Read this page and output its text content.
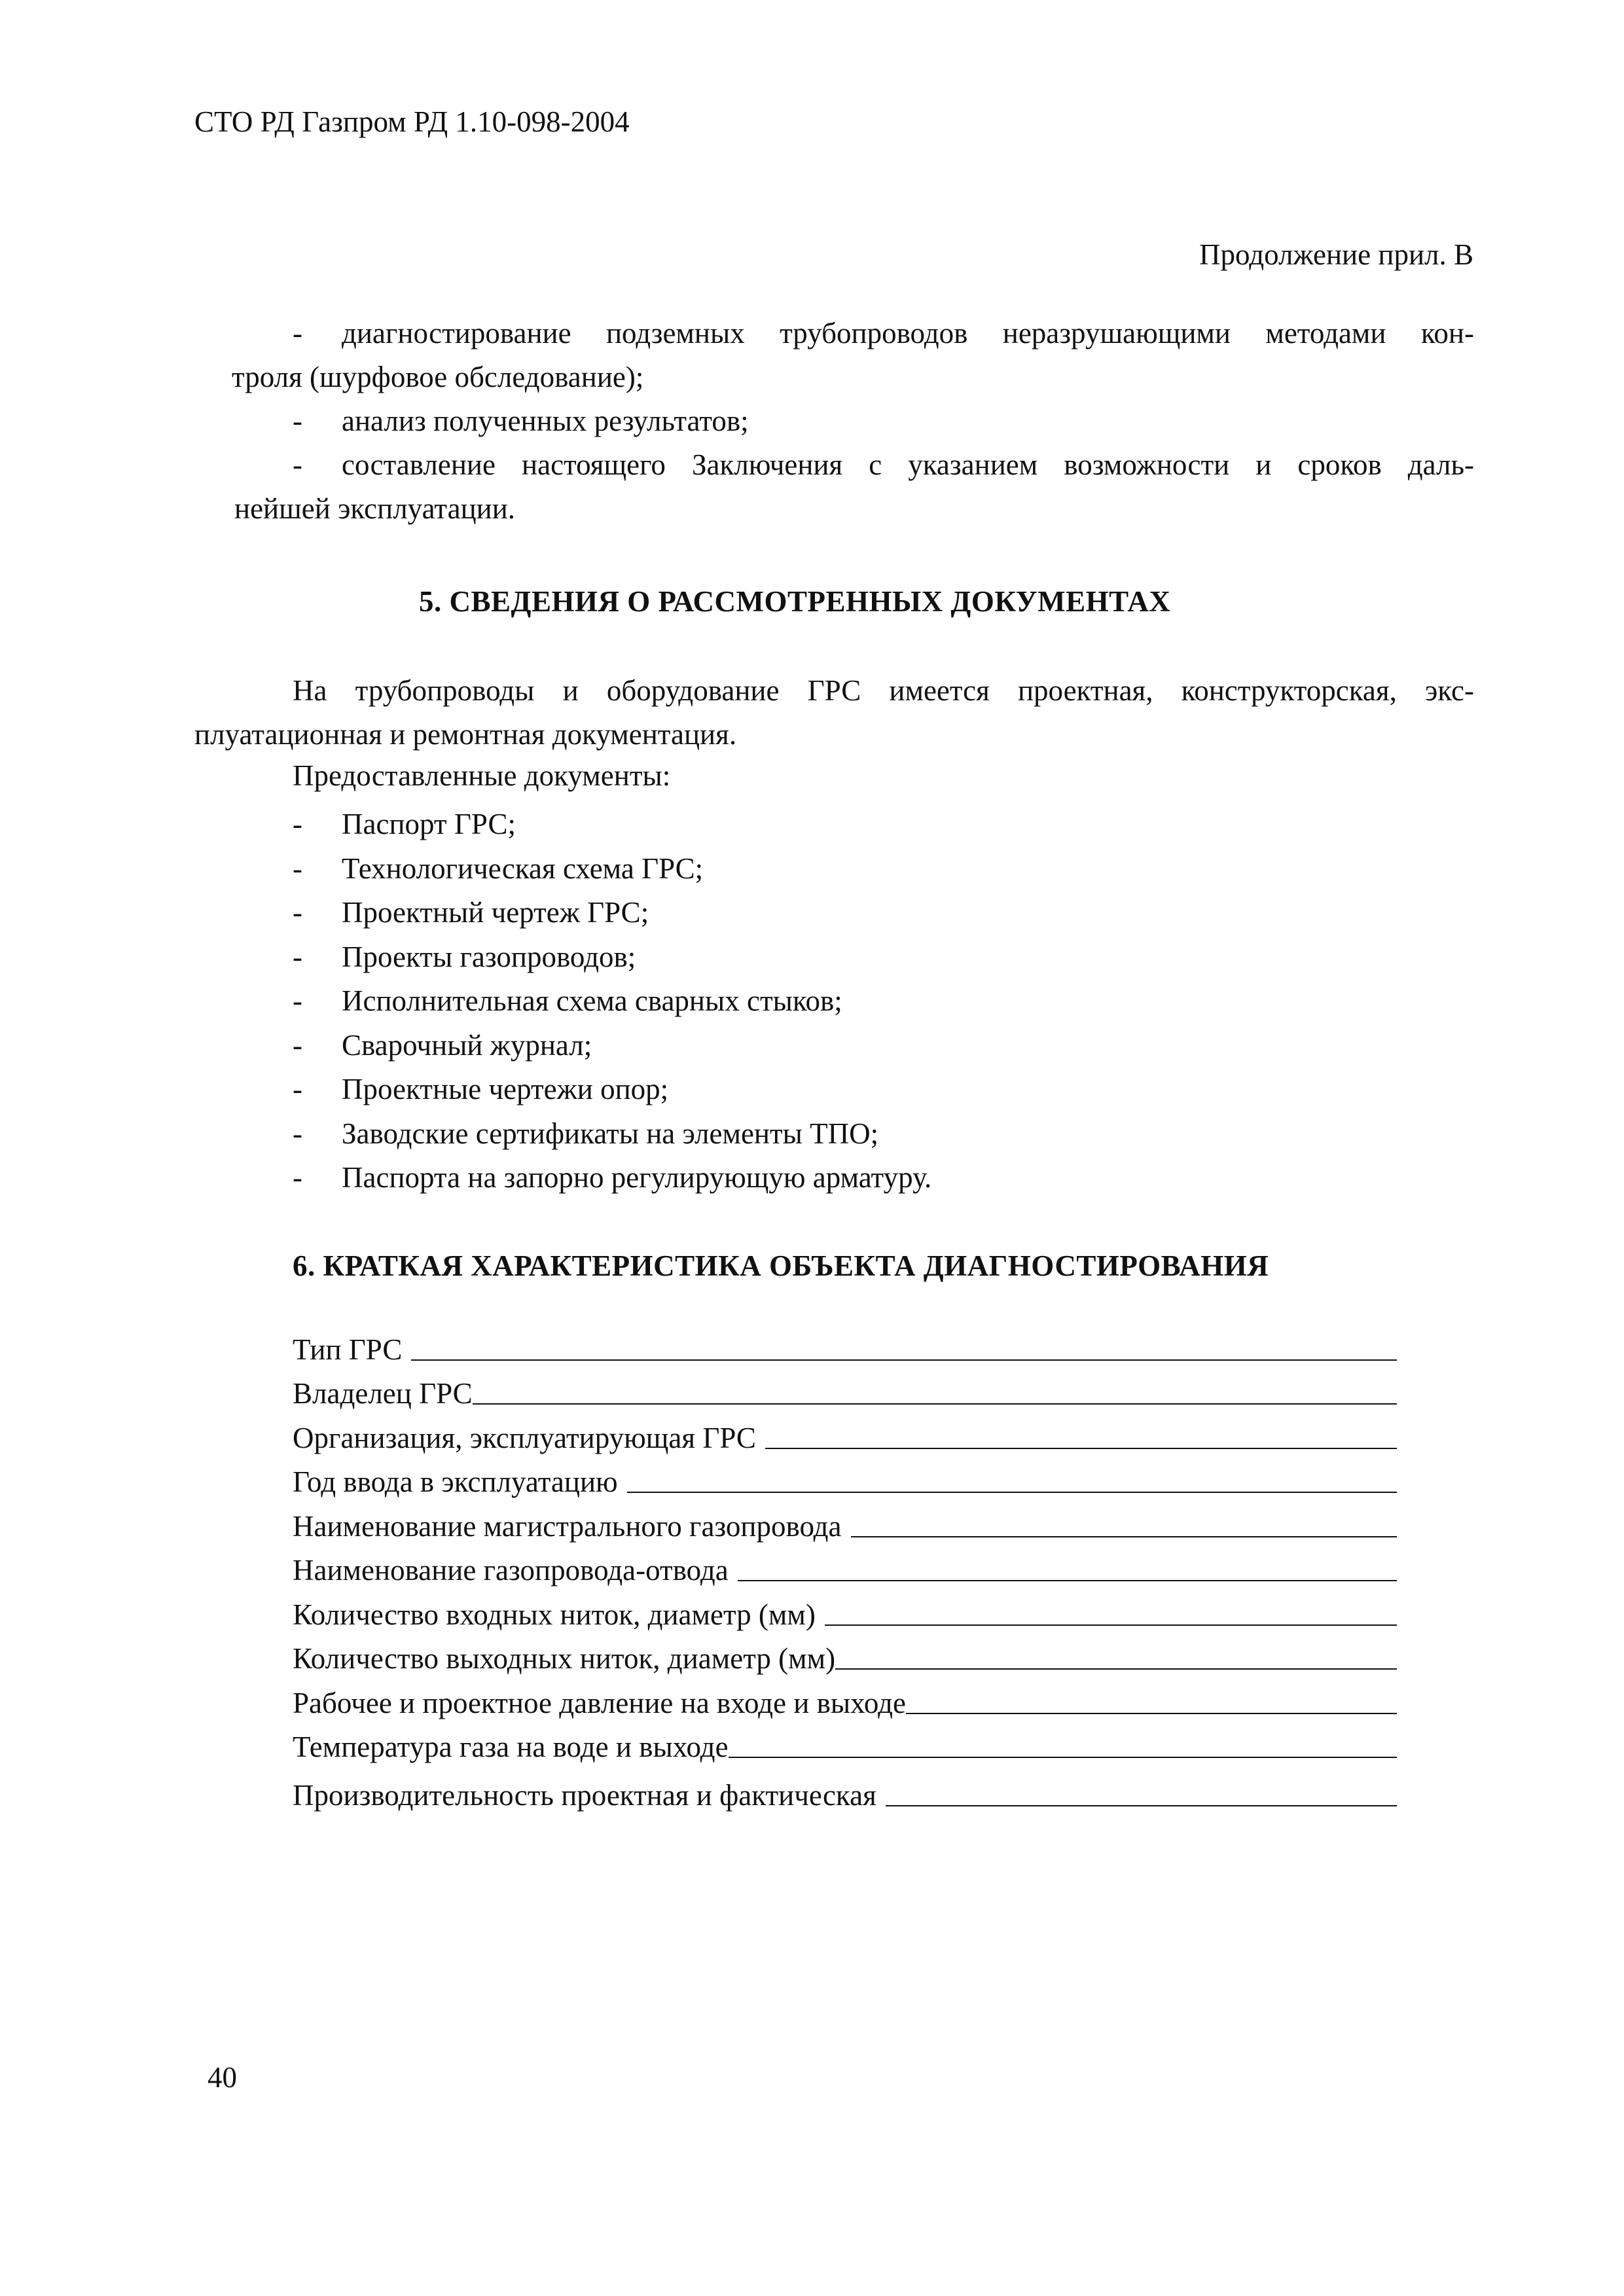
СТО РД Газпром РД 1.10-098-2004
Продолжение прил. В
-	диагностирование подземных трубопроводов неразрушающими методами кон-
троля (шурфовое обследование);
- анализ полученных результатов;
-	составление настоящего Заключения с указанием возможности и сроков даль-
нейшей эксплуатации.
5. СВЕДЕНИЯ О РАССМОТРЕННЫХ ДОКУМЕНТАХ
На трубопроводы и оборудование ГРС имеется проектная, конструкторская, экс-
плуатационная и ремонтная документация.
Предоставленные документы:
- Паспорт ГРС;
- Технологическая схема ГРС;
- Проектный чертеж ГРС;
- Проекты газопроводов;
- Исполнительная схема сварных стыков;
- Сварочный журнал;
- Проектные чертежи опор;
- Заводские сертификаты на элементы ТПО;
- Паспорта на запорно регулирующую арматуру.
6. КРАТКАЯ ХАРАКТЕРИСТИКА ОБЪЕКТА ДИАГНОСТИРОВАНИЯ
Тип ГРС
Владелец ГРС
Организация, эксплуатирующая ГРС
Год ввода в эксплуатацию
Наименование магистрального газопровода
Наименование газопровода-отвода
Количество входных ниток, диаметр (мм)
Количество выходных ниток, диаметр (мм)
Рабочее и проектное давление на входе и выходе
Температура газа на воде и выходе
Производительность проектная и фактическая
40
